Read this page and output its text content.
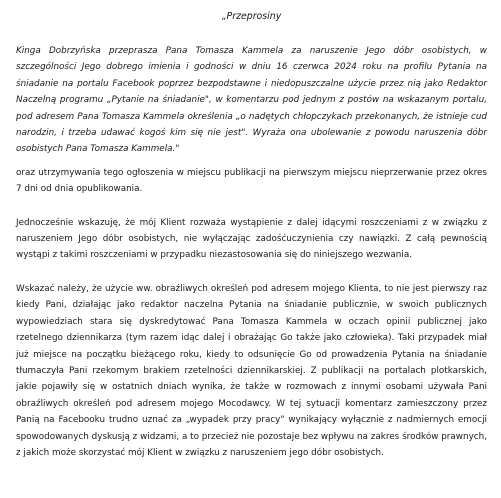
„Przeprosiny

Kinga Dobrzyńska przeprasza Pana Tomasza Kammela za naruszenie Jego dóbr osobistych, w szczególności Jego dobrego imienia i godności w dniu 16 czerwca 2024 roku na profilu Pytania na śniadanie na portalu Facebook poprzez bezpodstawne i niedopuszczalne użycie przez nią jako Redaktor Naczelną programu „Pytanie na śniadanie", w komentarzu pod jednym z postów na wskazanym portalu, pod adresem Pana Tomasza Kammela określenia „o nadętych chłopczykach przekonanych, że istnieje cud narodzin, i trzeba udawać kogoś kim się nie jest". Wyraża ona ubolewanie z powodu naruszenia dóbr osobistych Pana Tomasza Kammela."

oraz utrzymywania tego ogłoszenia w miejscu publikacji na pierwszym miejscu nieprzerwanie przez okres 7 dni od dnia opublikowania.

Jednocześnie wskazuję, że mój Klient rozważa wystąpienie z dalej idącymi roszczeniami z w związku z naruszeniem Jego dóbr osobistych, nie wyłączając zadośćuczynienia czy nawiązki. Z całą pewnością wystąpi z takimi roszczeniami w przypadku niezastosowania się do niniejszego wezwania.

Wskazać należy, że użycie ww. obraźliwych określeń pod adresem mojego Klienta, to nie jest pierwszy raz kiedy Pani, działając jako redaktor naczelna Pytania na śniadanie publicznie, w swoich publicznych wypowiedziach stara się dyskredytować Pana Tomasza Kammela w oczach opinii publicznej jako rzetelnego dziennikarza (tym razem idąc dalej i obrażając Go także jako człowieka). Taki przypadek miał już miejsce na początku bieżącego roku, kiedy to odsunięcie Go od prowadzenia Pytania na śniadanie tłumaczyła Pani rzekomym brakiem rzetelności dziennikarskiej. Z publikacji na portalach plotkarskich, jakie pojawiły się w ostatnich dniach wynika, że także w rozmowach z innymi osobami używała Pani obraźliwych określeń pod adresem mojego Mocodawcy. W tej sytuacji komentarz zamieszczony przez Panią na Facebooku trudno uznać za „wypadek przy pracy" wynikający wyłącznie z nadmiernych emocji spowodowanych dyskusją z widzami, a to przecież nie pozostaje bez wpływu na zakres środków prawnych, z jakich może skorzystać mój Klient w związku z naruszeniem jego dóbr osobistych.
